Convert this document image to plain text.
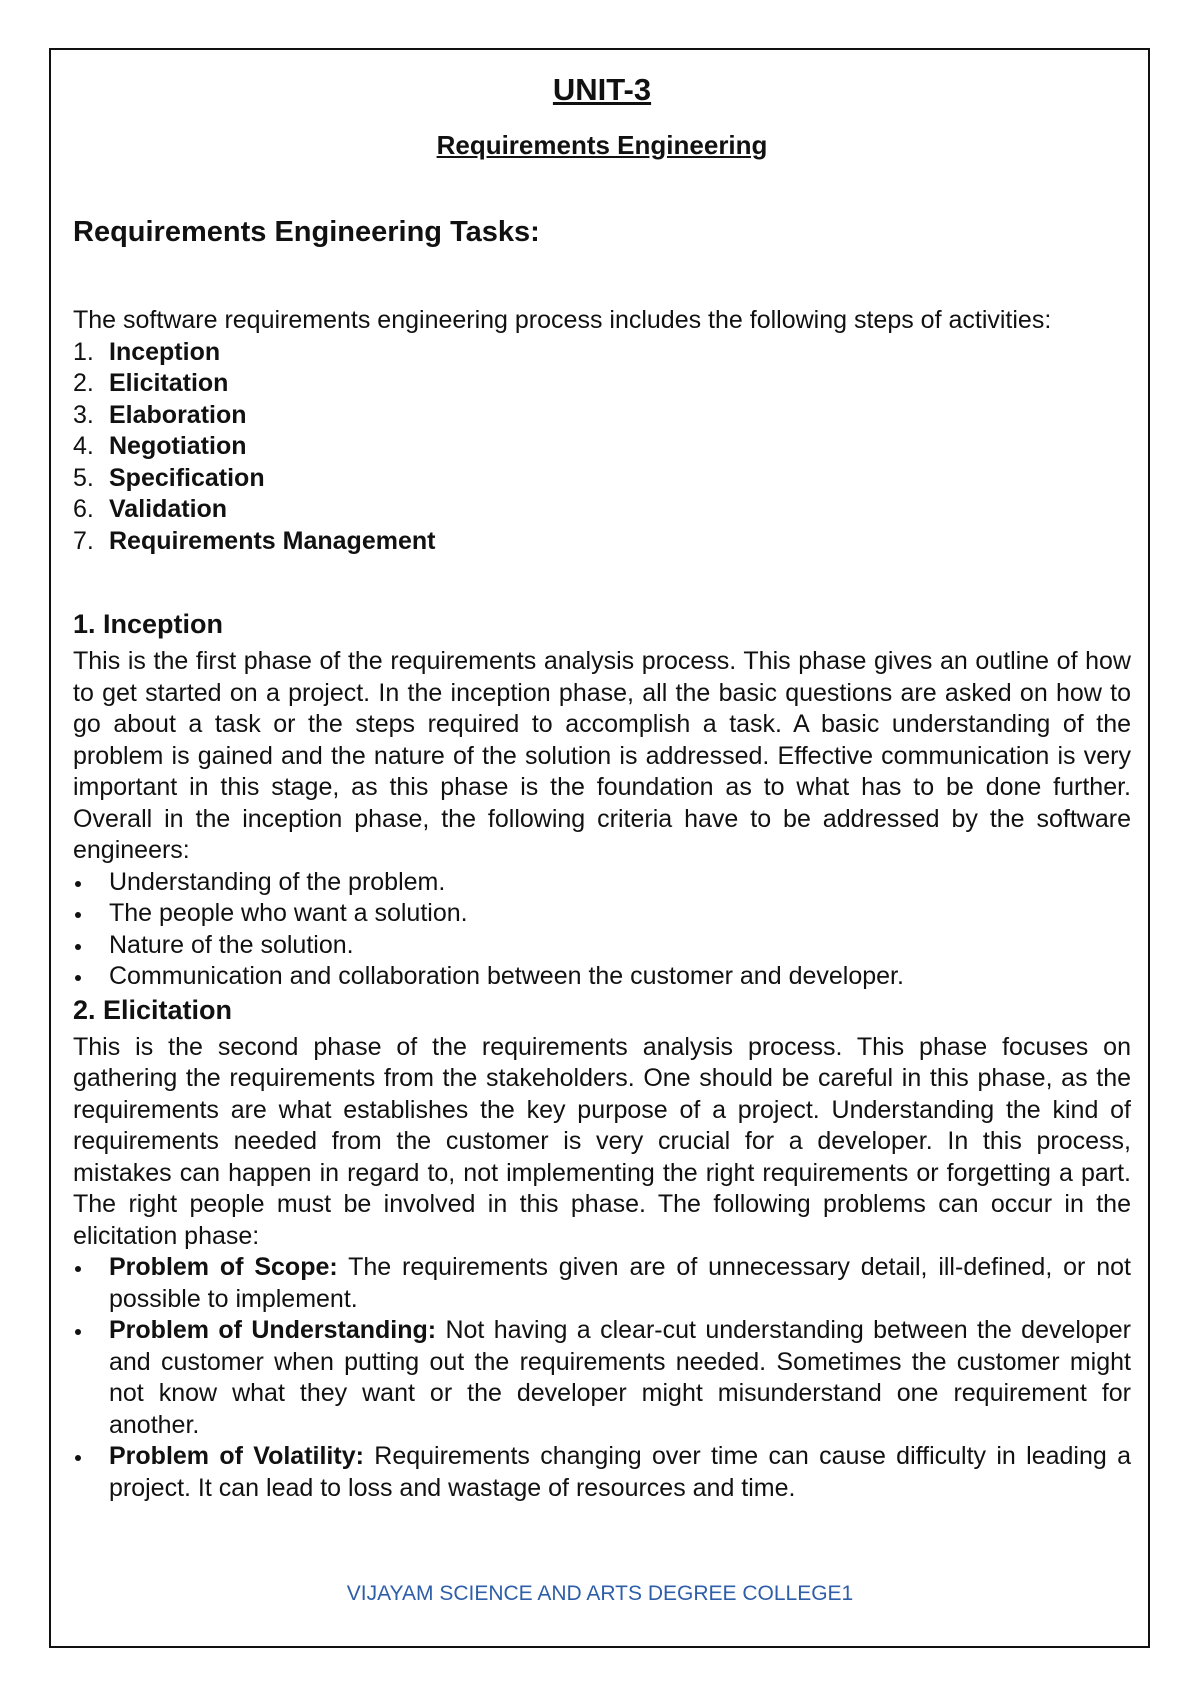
UNIT-3
Requirements Engineering
Requirements Engineering Tasks:

The software requirements engineering process includes the following steps of activities:

1. Inception
2. Elicitation
3. Elaboration
4. Negotiation
5. Specification
6. Validation
7. Requirements Management
1. Inception

This is the first phase of the requirements analysis process. This phase gives an outline of how to get started on a project. In the inception phase, all the basic questions are asked on how to go about a task or the steps required to accomplish a task. A basic understanding of the problem is gained and the nature of the solution is addressed. Effective communication is very important in this stage, as this phase is the foundation as to what has to be done further. Overall in the inception phase, the following criteria have to be addressed by the software engineers:

Understanding of the problem.
The people who want a solution.
Nature of the solution.
Communication and collaboration between the customer and developer.
2. Elicitation

This is the second phase of the requirements analysis process. This phase focuses on gathering the requirements from the stakeholders. One should be careful in this phase, as the requirements are what establishes the key purpose of a project. Understanding the kind of requirements needed from the customer is very crucial for a developer. In this process, mistakes can happen in regard to, not implementing the right requirements or forgetting a part. The right people must be involved in this phase. The following problems can occur in the elicitation phase:

Problem of Scope: The requirements given are of unnecessary detail, ill-defined, or not possible to implement.
Problem of Understanding: Not having a clear-cut understanding between the developer and customer when putting out the requirements needed. Sometimes the customer might not know what they want or the developer might misunderstand one requirement for another.
Problem of Volatility: Requirements changing over time can cause difficulty in leading a project. It can lead to loss and wastage of resources and time.
VIJAYAM SCIENCE AND ARTS DEGREE COLLEGE1
